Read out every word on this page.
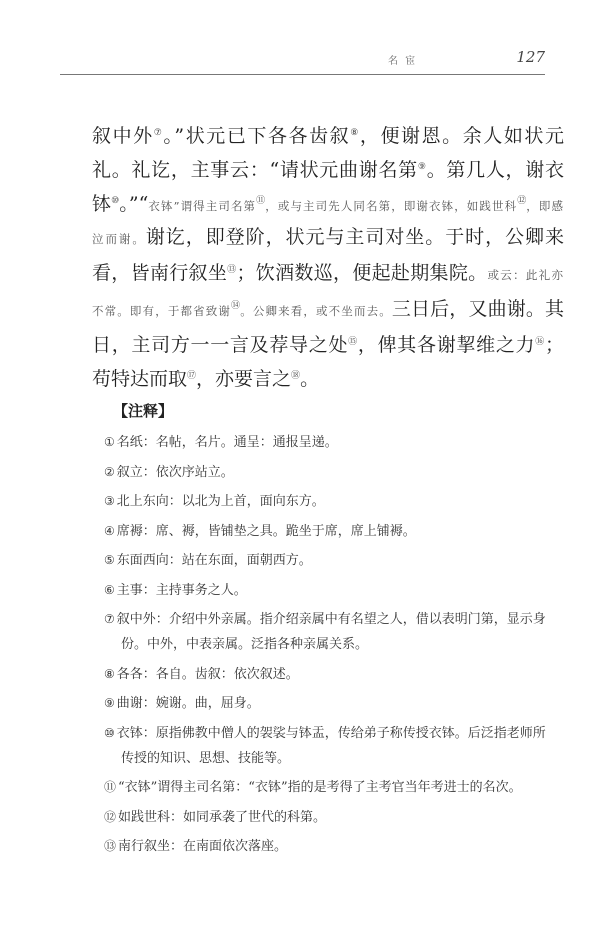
名 宦	127
叙中外⑦。”状元已下各各齿叙⑧，便谢恩。余人如状元礼。礼讫，主事云：“请状元曲谢名第⑨。第几人，谢衣钵⑩。”“衣钵”谓得主司名第⑪，或与主司先人同名第，即谢衣钵，如践世科⑫，即感泣而谢。谢讫，即登阶，状元与主司对坐。于时，公卿来看，皆南行叙坐⑬；饮酒数巡，便起赴期集院。或云：此礼亦不常。即有，于都省致谢⑭。公卿来看，或不坐而去。三日后，又曲谢。其日，主司方一一言及荐导之处⑮，俾其各谢挈维之力⑯；苟特达而取⑰，亦要言之⑱。
【注释】
① 名纸：名帖，名片。通呈：通报呈递。
② 叙立：依次序站立。
③ 北上东向：以北为上首，面向东方。
④ 席褥：席、褥，皆铺垫之具。跪坐于席，席上铺褥。
⑤ 东面西向：站在东面，面朝西方。
⑥ 主事：主持事务之人。
⑦ 叙中外：介绍中外亲属。指介绍亲属中有名望之人，借以表明门第，显示身份。中外，中表亲属。泛指各种亲属关系。
⑧ 各各：各自。齿叙：依次叙述。
⑨ 曲谢：婉谢。曲，屈身。
⑩ 衣钵：原指佛教中僧人的袈裟与钵盂，传给弟子称传授衣钵。后泛指老师所传授的知识、思想、技能等。
⑪ “衣钵”谓得主司名第：“衣钵”指的是考得了主考官当年考进士的名次。
⑫ 如践世科：如同承袭了世代的科第。
⑬ 南行叙坐：在南面依次落座。
